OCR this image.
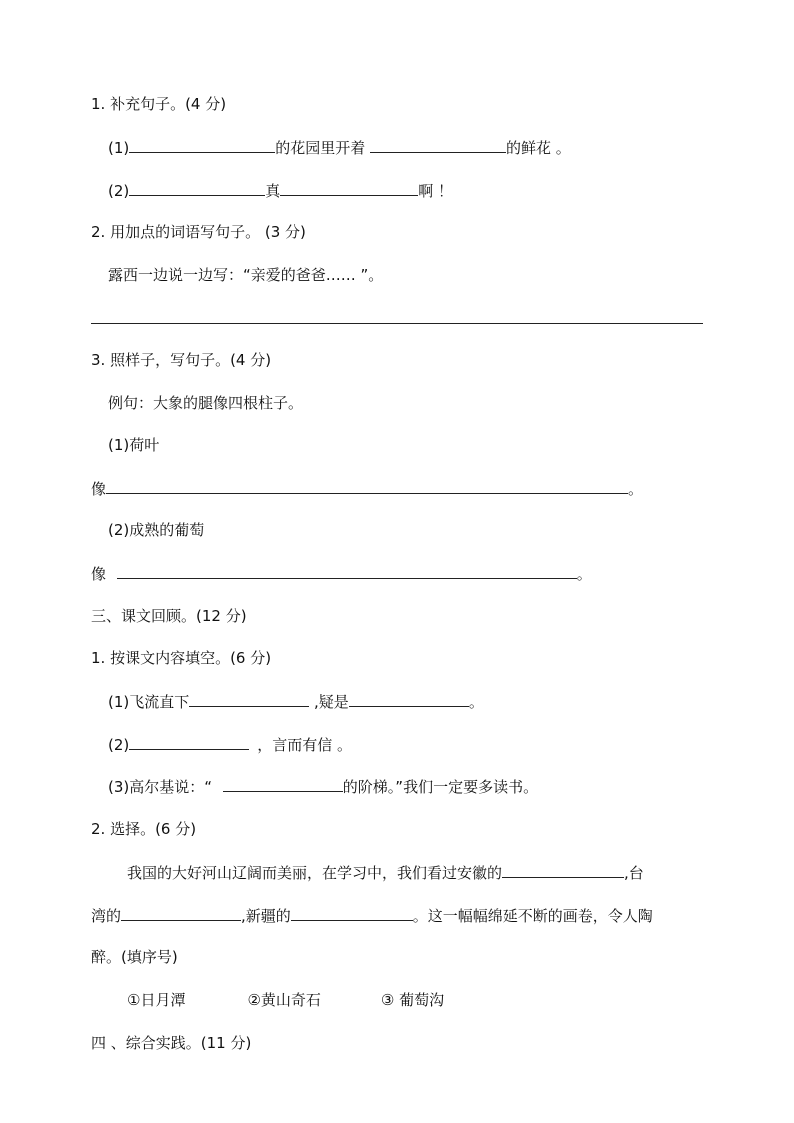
1. 补充句子。(4 分)
(1)	的花园里开着	的鲜花 。
(2)	真	啊 ！
2. 用加点的词语写句子。 (3 分)
露西一边说一边写：“亲爱的爸爸…… ”。
3. 照样子，写句子。(4 分)
例句：大象的腿像四根柱子。
(1)荷叶
像	。
(2)成熟的葡萄
像	。
三、课文回顾。(12 分)
1. 按课文内容填空。(6 分)
(1)飞流直下	,疑是	。
(2)	，言而有信 。
(3)高尔基说：“	的阶梯。”我们一定要多读书。
2. 选择。(6 分)
我国的大好河山辽阔而美丽，在学习中，我们看过安徽的	,台
湾的	,新疆的	。这一幅幅绵延不断的画卷，令人陶
醉。(填序号)
①日月潭	②黄山奇石	③ 葡萄沟
四 、综合实践。(11 分)
